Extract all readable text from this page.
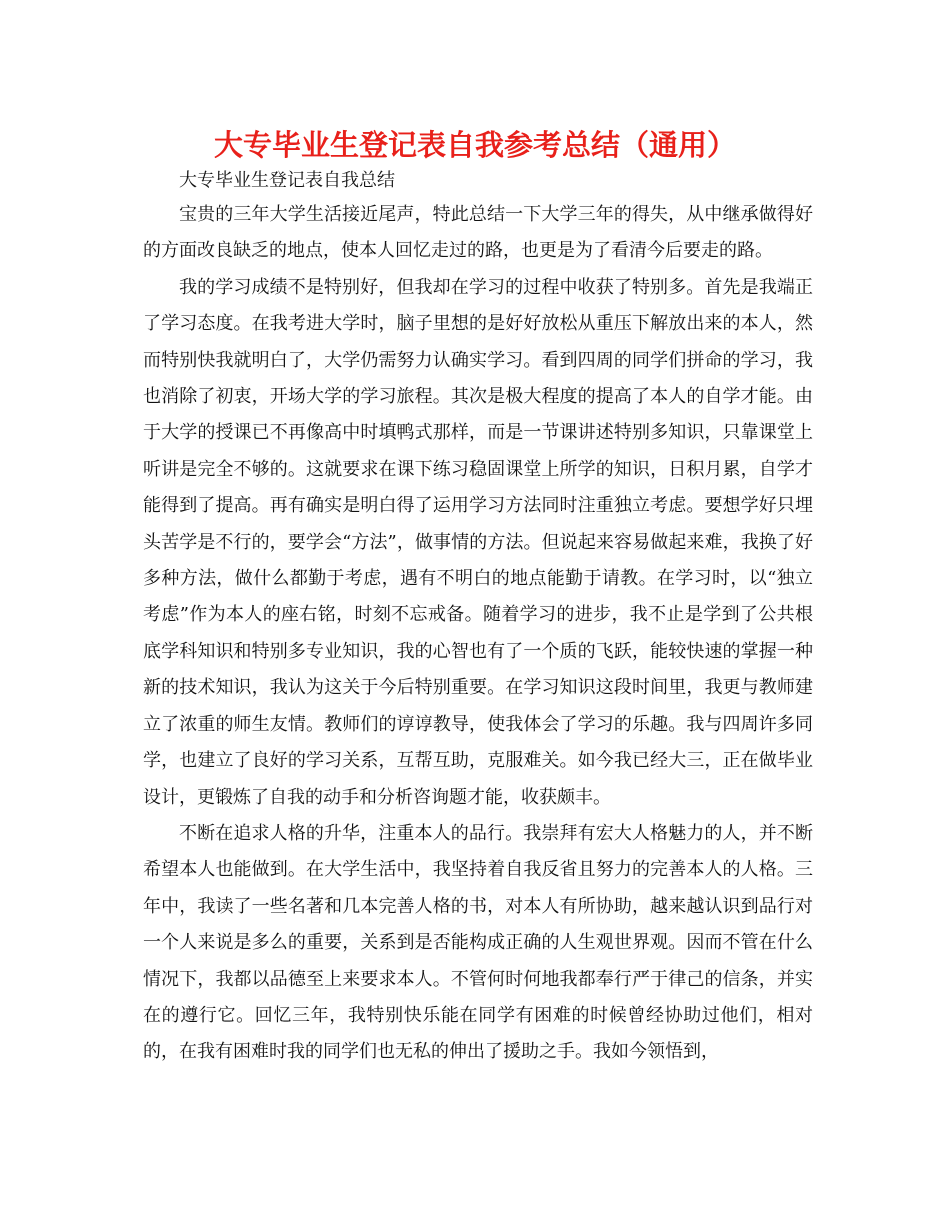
大专毕业生登记表自我参考总结（通用）
大专毕业生登记表自我总结

宝贵的三年大学生活接近尾声，特此总结一下大学三年的得失，从中继承做得好的方面改良缺乏的地点，使本人回忆走过的路，也更是为了看清今后要走的路。

我的学习成绩不是特别好，但我却在学习的过程中收获了特别多。首先是我端正了学习态度。在我考进大学时，脑子里想的是好好放松从重压下解放出来的本人，然而特别快我就明白了，大学仍需努力认确实学习。看到四周的同学们拼命的学习，我也消除了初衷，开场大学的学习旅程。其次是极大程度的提高了本人的自学才能。由于大学的授课已不再像高中时填鸭式那样，而是一节课讲述特别多知识，只靠课堂上听讲是完全不够的。这就要求在课下练习稳固课堂上所学的知识，日积月累，自学才能得到了提高。再有确实是明白得了运用学习方法同时注重独立考虑。要想学好只埋头苦学是不行的，要学会“方法”，做事情的方法。但说起来容易做起来难，我换了好多种方法，做什么都勤于考虑，遇有不明白的地点能勤于请教。在学习时，以“独立考虑”作为本人的座右铭，时刻不忘戒备。随着学习的进步，我不止是学到了公共根底学科知识和特别多专业知识，我的心智也有了一个质的飞跃，能较快速的掌握一种新的技术知识，我认为这关于今后特别重要。在学习知识这段时间里，我更与教师建立了浓重的师生友情。教师们的谆谆教导，使我体会了学习的乐趣。我与四周许多同学，也建立了良好的学习关系，互帮互助，克服难关。如今我已经大三，正在做毕业设计，更锻炼了自我的动手和分析咨询题才能，收获颇丰。

不断在追求人格的升华，注重本人的品行。我崇拜有宏大人格魅力的人，并不断希望本人也能做到。在大学生活中，我坚持着自我反省且努力的完善本人的人格。三年中，我读了一些名著和几本完善人格的书，对本人有所协助，越来越认识到品行对一个人来说是多么的重要，关系到是否能构成正确的人生观世界观。因而不管在什么情况下，我都以品德至上来要求本人。不管何时何地我都奉行严于律己的信条，并实在的遵行它。回忆三年，我特别快乐能在同学有困难的时候曾经协助过他们，相对的，在我有困难时我的同学们也无私的伸出了援助之手。我如今领悟到，
